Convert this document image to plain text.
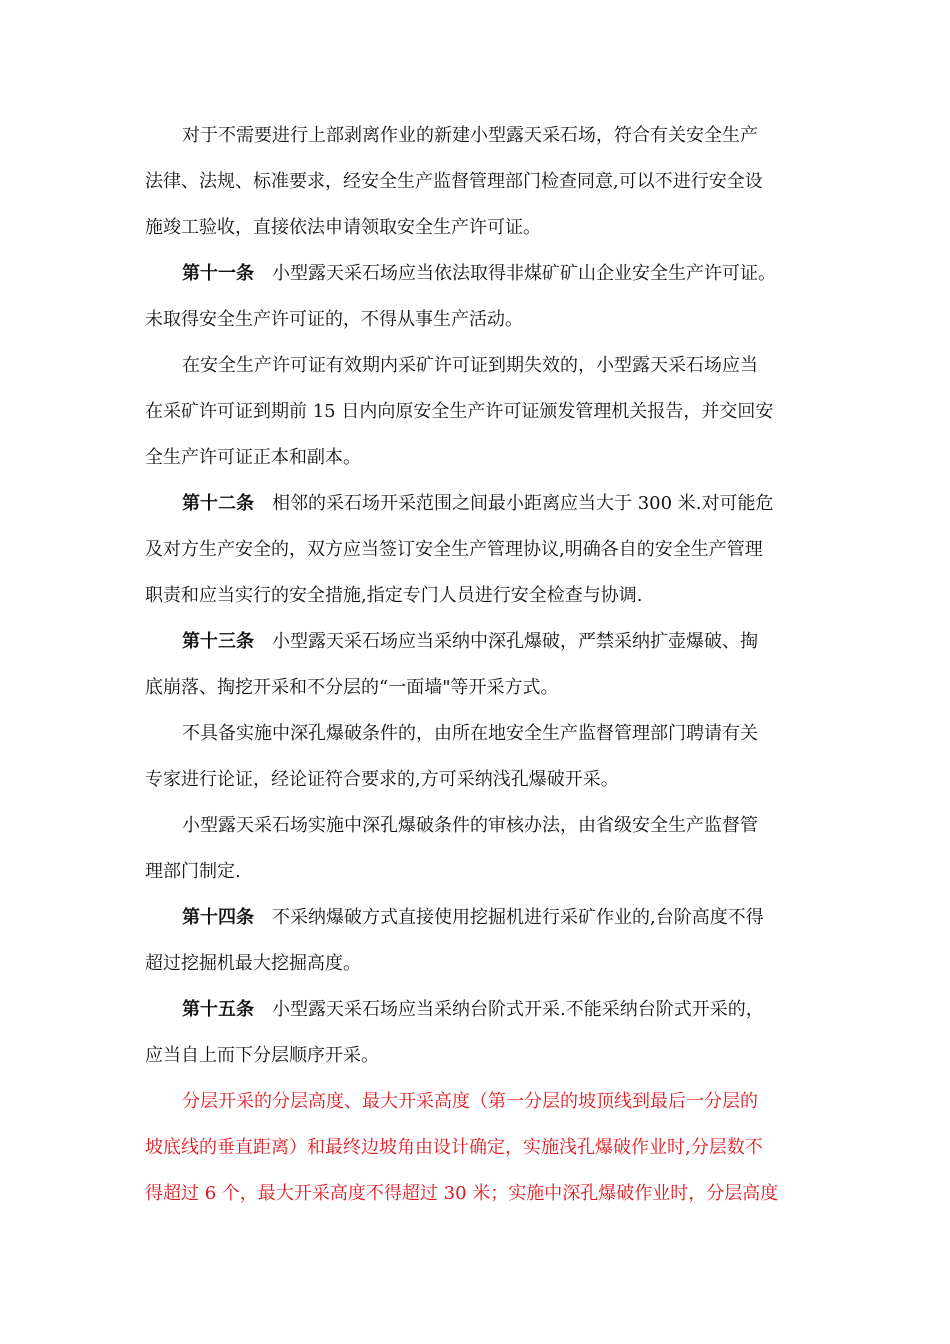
对于不需要进行上部剥离作业的新建小型露天采石场，符合有关安全生产
法律、法规、标准要求，经安全生产监督管理部门检查同意,可以不进行安全设
施竣工验收，直接依法申请领取安全生产许可证。
第十一条 小型露天采石场应当依法取得非煤矿矿山企业安全生产许可证。
未取得安全生产许可证的，不得从事生产活动。
在安全生产许可证有效期内采矿许可证到期失效的，小型露天采石场应当
在采矿许可证到期前 15 日内向原安全生产许可证颁发管理机关报告，并交回安
全生产许可证正本和副本。
第十二条 相邻的采石场开采范围之间最小距离应当大于 300 米.对可能危
及对方生产安全的，双方应当签订安全生产管理协议,明确各自的安全生产管理
职责和应当实行的安全措施,指定专门人员进行安全检查与协调.
第十三条 小型露天采石场应当采纳中深孔爆破，严禁采纳扩壶爆破、掏
底崩落、掏挖开采和不分层的“一面墙"等开采方式。
不具备实施中深孔爆破条件的，由所在地安全生产监督管理部门聘请有关
专家进行论证，经论证符合要求的,方可采纳浅孔爆破开采。
小型露天采石场实施中深孔爆破条件的审核办法，由省级安全生产监督管
理部门制定.
第十四条 不采纳爆破方式直接使用挖掘机进行采矿作业的,台阶高度不得
超过挖掘机最大挖掘高度。
第十五条 小型露天采石场应当采纳台阶式开采.不能采纳台阶式开采的，
应当自上而下分层顺序开采。
分层开采的分层高度、最大开采高度（第一分层的坡顶线到最后一分层的
坡底线的垂直距离）和最终边坡角由设计确定，实施浅孔爆破作业时,分层数不
得超过 6 个，最大开采高度不得超过 30 米；实施中深孔爆破作业时，分层高度
